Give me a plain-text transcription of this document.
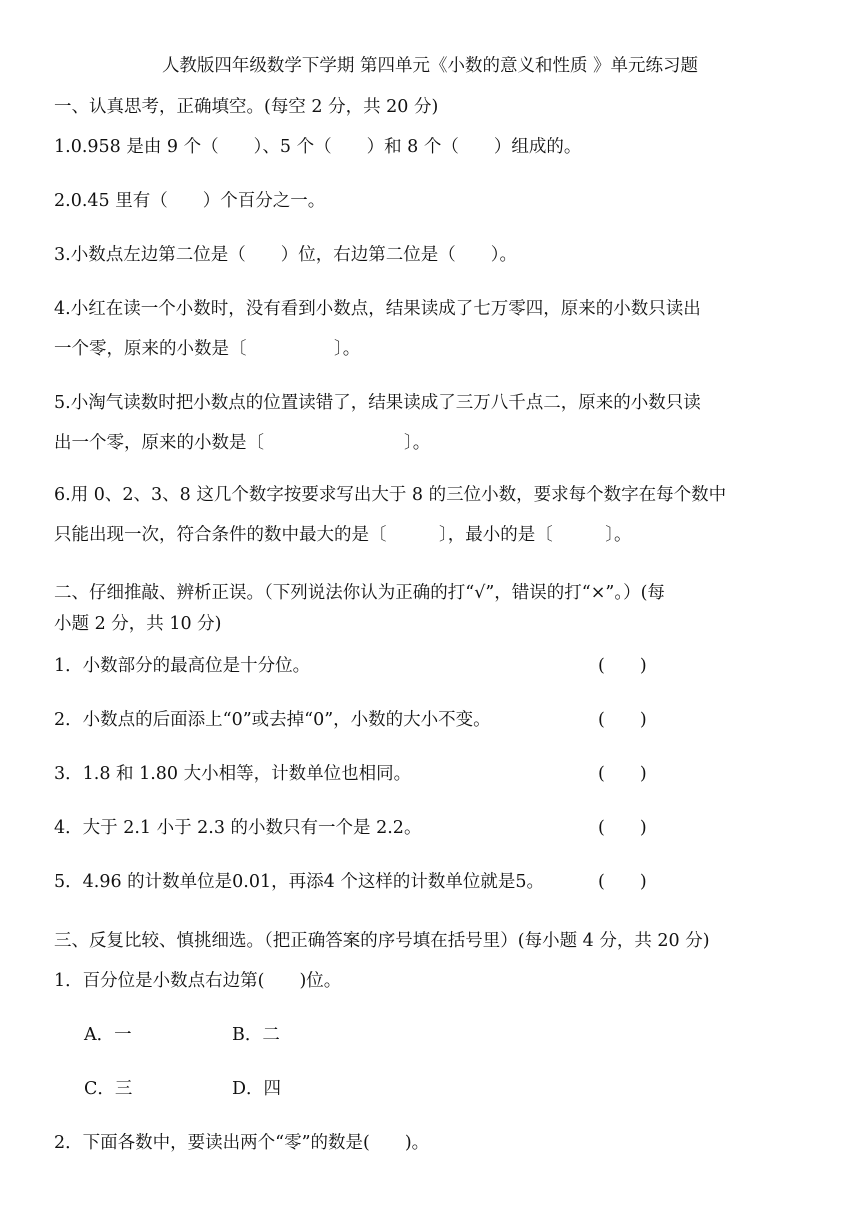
人教版四年级数学下学期 第四单元《小数的意义和性质 》单元练习题
一、认真思考，正确填空。(每空 2 分，共 20 分)
1.0.958 是由 9 个（　　）、5 个（　　）和 8 个（　　）组成的。
2.0.45 里有（　　）个百分之一。
3.小数点左边第二位是（　　）位，右边第二位是（　　）。
4.小红在读一个小数时，没有看到小数点，结果读成了七万零四，原来的小数只读出
一个零，原来的小数是〔　　　　　〕。
5.小淘气读数时把小数点的位置读错了，结果读成了三万八千点二，原来的小数只读
出一个零，原来的小数是〔　　　　　　　　〕。
6.用 0、2、3、8 这几个数字按要求写出大于 8 的三位小数，要求每个数字在每个数中
只能出现一次，符合条件的数中最大的是〔　　　〕，最小的是〔　　　〕。
二、仔细推敲、辨析正误。（下列说法你认为正确的打“√”，错误的打“×”。）(每
小题 2 分，共 10 分)
1．小数部分的最高位是十分位。	(　　)
2．小数点的后面添上“0”或去掉“0”，小数的大小不变。	(　　)
3．1.8 和 1.80 大小相等，计数单位也相同。	(　　)
4．大于 2.1 小于 2.3 的小数只有一个是 2.2。	(　　)
5．4.96 的计数单位是0.01，再添4 个这样的计数单位就是5。	(　　)
三、反复比较、慎挑细选。（把正确答案的序号填在括号里）(每小题 4 分，共 20 分)
1．百分位是小数点右边第(　　)位。
A．一	B．二
C．三	D．四
2．下面各数中，要读出两个“零”的数是(　　)。
